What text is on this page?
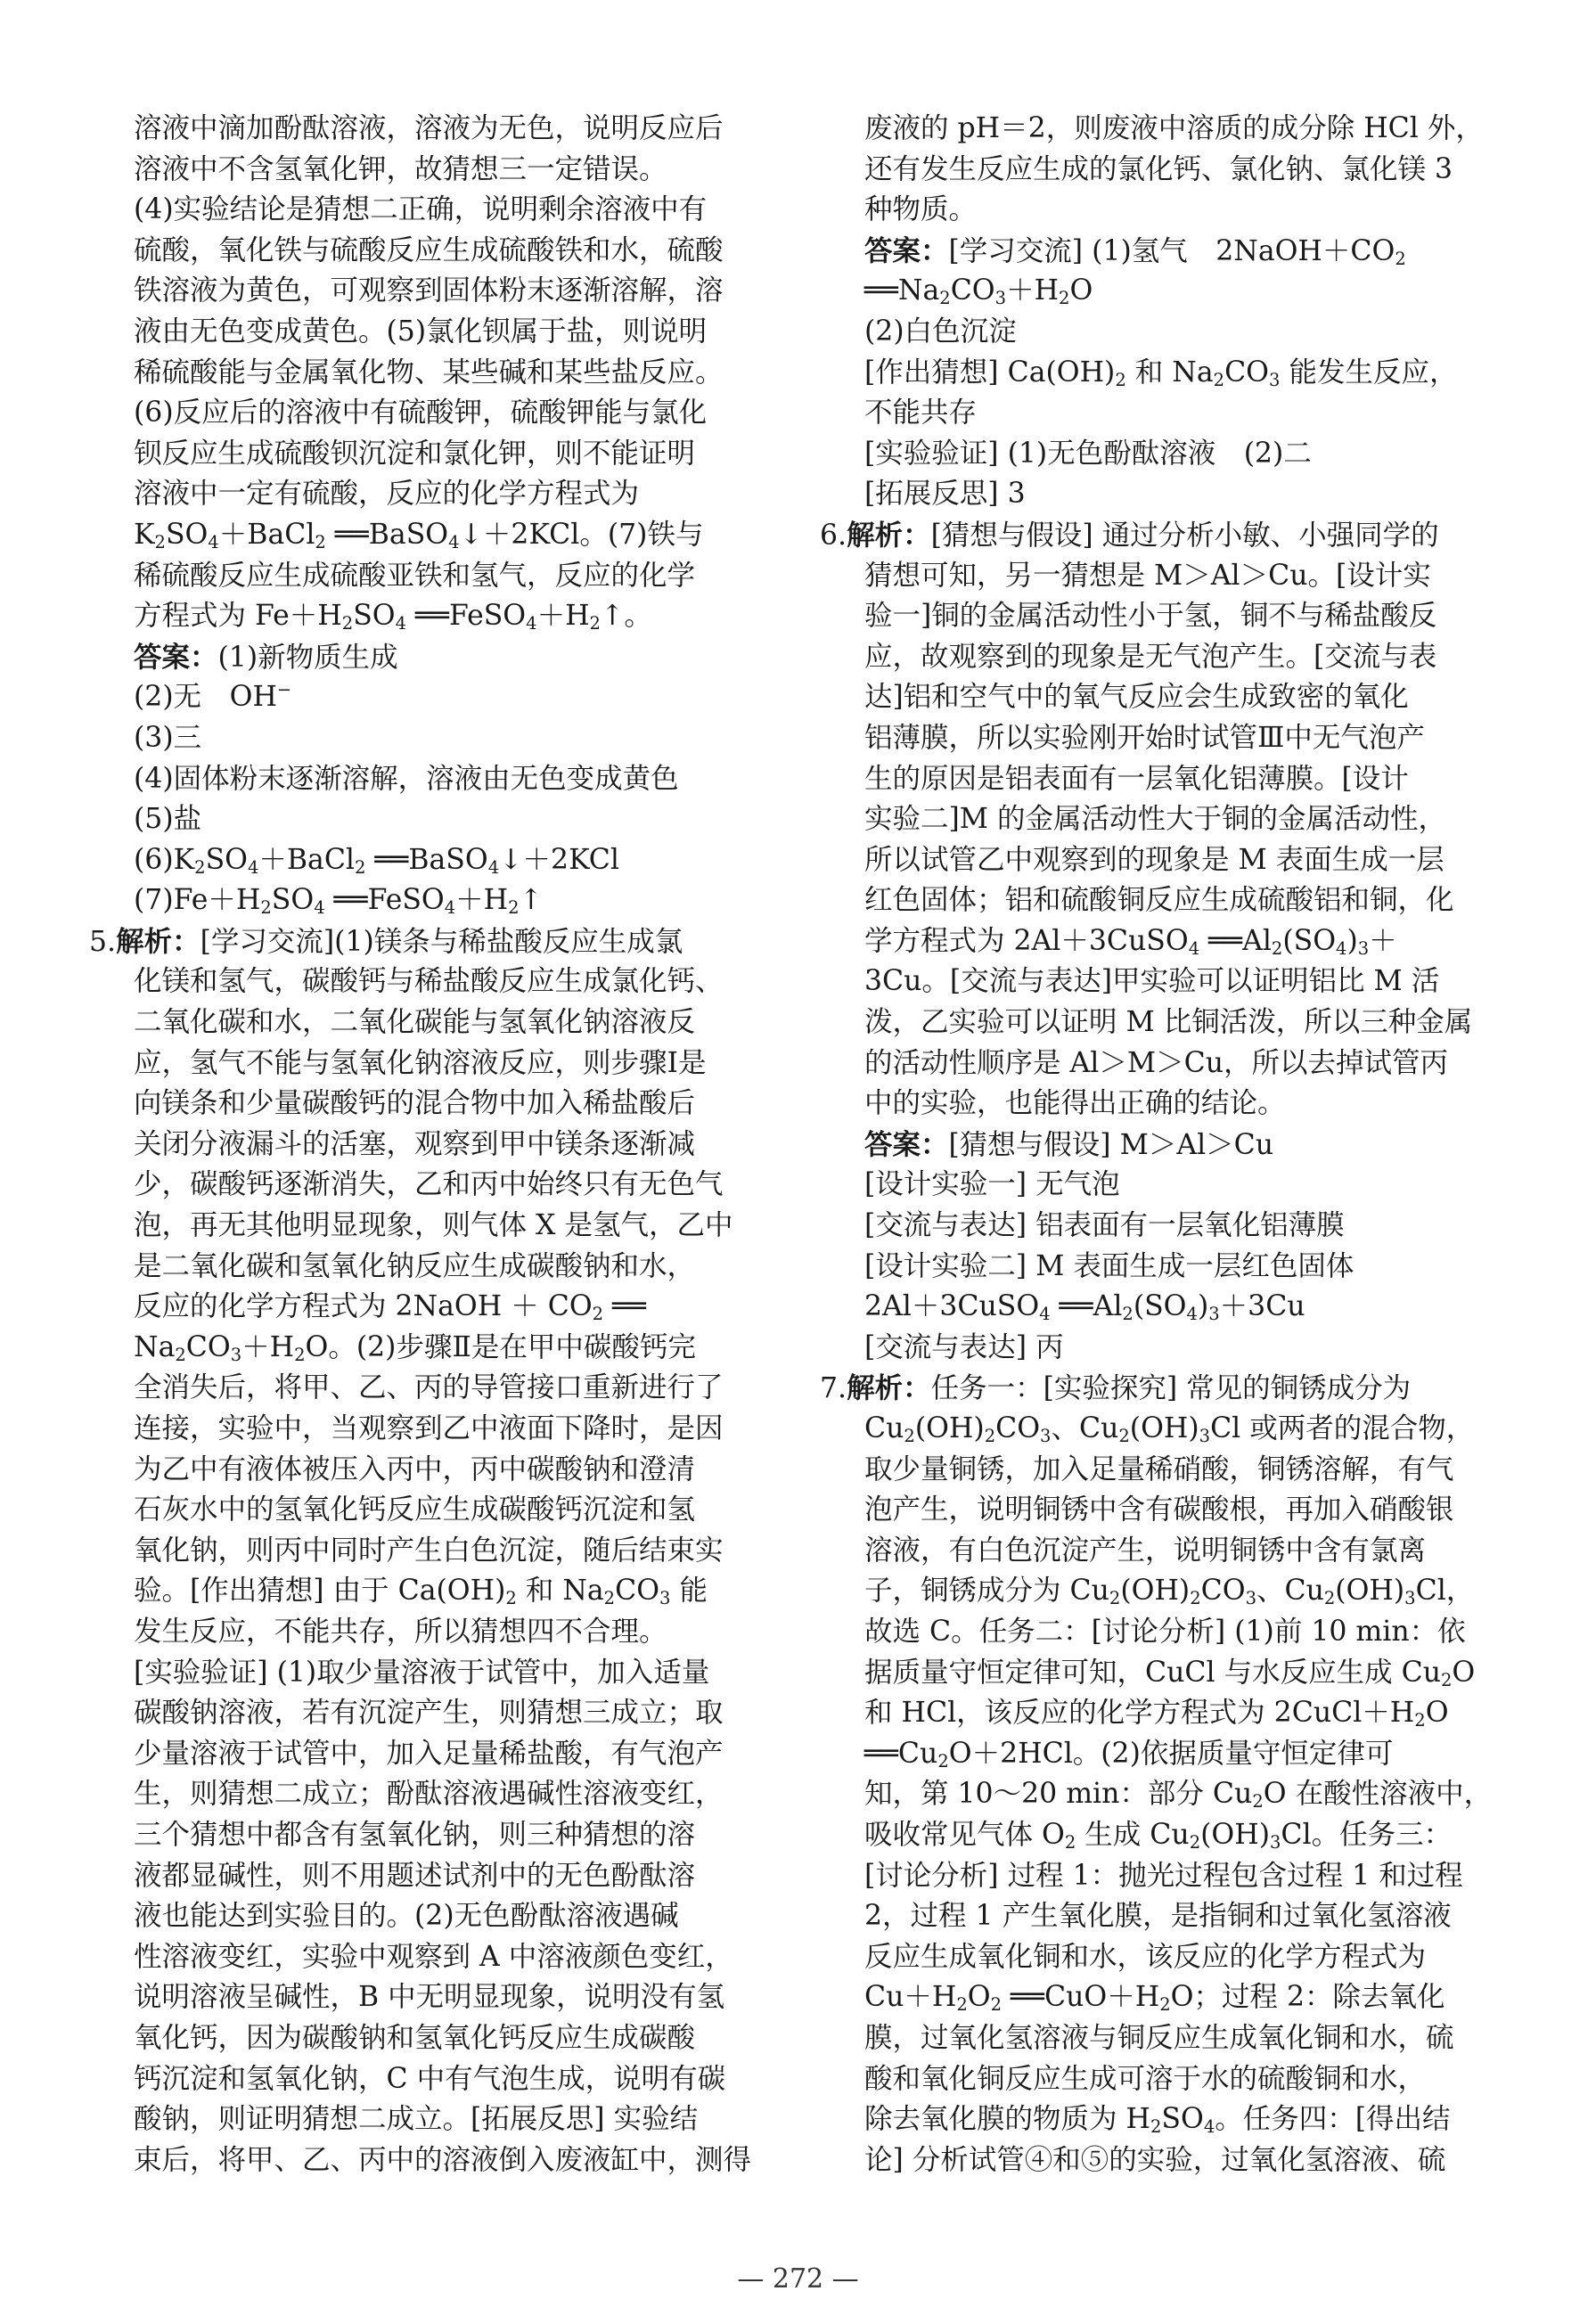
溶液中滴加酚酞溶液，溶液为无色，说明反应后
溶液中不含氢氧化钾，故猜想三一定错误。
(4)实验结论是猜想二正确，说明剩余溶液中有
硫酸，氧化铁与硫酸反应生成硫酸铁和水，硫酸
铁溶液为黄色，可观察到固体粉末逐渐溶解，溶
液由无色变成黄色。(5)氯化钡属于盐，则说明
稀硫酸能与金属氧化物、某些碱和某些盐反应。
(6)反应后的溶液中有硫酸钾，硫酸钾能与氯化
钡反应生成硫酸钡沉淀和氯化钾，则不能证明
溶液中一定有硫酸，反应的化学方程式为
$K_2SO_4+BaCl_2$ ══BaSO$_4$↓＋2KCl。(7)铁与
稀硫酸反应生成硫酸亚铁和氢气，反应的化学
方程式为 $Fe+H_2SO_4$ $══FeSO_4+H_2↑$。
答案：(1)新物质生成
(2)无　OH−
(3)三
(4)固体粉末逐渐溶解，溶液由无色变成黄色
(5)盐
$(6)K_2SO_4+BaCl_2$ ══BaSO$_4$↓＋2KCl
$(7)Fe+H_2SO_4$ $══FeSO_4+H_2↑$
5.解析：[学习交流](1)镁条与稀盐酸反应生成氯
化镁和氢气，碳酸钙与稀盐酸反应生成氯化钙、
二氧化碳和水，二氧化碳能与氢氧化钠溶液反
应，氢气不能与氢氧化钠溶液反应，则步骤Ⅰ是
向镁条和少量碳酸钙的混合物中加入稀盐酸后
关闭分液漏斗的活塞，观察到甲中镁条逐渐减
少，碳酸钙逐渐消失，乙和丙中始终只有无色气
泡，再无其他明显现象，则气体 X 是氢气，乙中
是二氧化碳和氢氧化钠反应生成碳酸钠和水，
反应的化学方程式为 2NaOH ＋ $CO_2$ ══
$Na_2CO_3+H_2O$。(2)步骤Ⅱ是在甲中碳酸钙完
全消失后，将甲、乙、丙的导管接口重新进行了
连接，实验中，当观察到乙中液面下降时，是因
为乙中有液体被压入丙中，丙中碳酸钠和澄清
石灰水中的氢氧化钙反应生成碳酸钙沉淀和氢
氧化钠，则丙中同时产生白色沉淀，随后结束实
验。[作出猜想] 由于 $Ca(OH)_2$ 和 $Na_2CO_3$ 能
发生反应，不能共存，所以猜想四不合理。
[实验验证] (1)取少量溶液于试管中，加入适量
碳酸钠溶液，若有沉淀产生，则猜想三成立；取
少量溶液于试管中，加入足量稀盐酸，有气泡产
生，则猜想二成立；酚酞溶液遇碱性溶液变红，
三个猜想中都含有氢氧化钠，则三种猜想的溶
液都显碱性，则不用题述试剂中的无色酚酞溶
液也能达到实验目的。(2)无色酚酞溶液遇碱
性溶液变红，实验中观察到 A 中溶液颜色变红，
说明溶液呈碱性，B 中无明显现象，说明没有氢
氧化钙，因为碳酸钠和氢氧化钙反应生成碳酸
钙沉淀和氢氧化钠，C 中有气泡生成，说明有碳
酸钠，则证明猜想二成立。[拓展反思] 实验结
束后，将甲、乙、丙中的溶液倒入废液缸中，测得
废液的 pH＝2，则废液中溶质的成分除 HCl 外，
还有发生反应生成的氯化钙、氯化钠、氯化镁 3
种物质。
答案：[学习交流] (1)氢气　$2NaOH+CO_2$
$══Na_2CO_3+H_2O$
(2)白色沉淀
[作出猜想] $Ca(OH)_2$ 和 $Na_2CO_3$ 能发生反应，
不能共存
[实验验证] (1)无色酚酞溶液　(2)二
[拓展反思] 3
6.解析：[猜想与假设] 通过分析小敏、小强同学的
猜想可知，另一猜想是 M＞Al＞Cu。[设计实
验一]铜的金属活动性小于氢，铜不与稀盐酸反
应，故观察到的现象是无气泡产生。[交流与表
达]铝和空气中的氧气反应会生成致密的氧化
铝薄膜，所以实验刚开始时试管Ⅲ中无气泡产
生的原因是铝表面有一层氧化铝薄膜。[设计
实验二]M 的金属活动性大于铜的金属活动性，
所以试管乙中观察到的现象是 M 表面生成一层
红色固体；铝和硫酸铜反应生成硫酸铝和铜，化
学方程式为 2Al＋3CuSO$_4$ $══Al_2(SO_4)_3+$
3Cu。[交流与表达]甲实验可以证明铝比 M 活
泼，乙实验可以证明 M 比铜活泼，所以三种金属
的活动性顺序是 Al＞M＞Cu，所以去掉试管丙
中的实验，也能得出正确的结论。
答案：[猜想与假设] M＞Al＞Cu
[设计实验一] 无气泡
[交流与表达] 铝表面有一层氧化铝薄膜
[设计实验二] M 表面生成一层红色固体
2Al＋3CuSO$_4$ $══Al_2(SO_4)_3+3Cu$
[交流与表达] 丙
7.解析：任务一：[实验探究] 常见的铜锈成分为
$Cu_2(OH)_2CO_3$、$Cu_2(OH)_3Cl$ 或两者的混合物，
取少量铜锈，加入足量稀硝酸，铜锈溶解，有气
泡产生，说明铜锈中含有碳酸根，再加入硝酸银
溶液，有白色沉淀产生，说明铜锈中含有氯离
子，铜锈成分为 $Cu_2(OH)_2CO_3$、$Cu_2(OH)_3Cl$，
故选 C。任务二：[讨论分析] (1)前 10 min：依
据质量守恒定律可知，CuCl 与水反应生成 $Cu_2O$
和 HCl，该反应的化学方程式为 $2CuCl+H_2O$
$══Cu_2O+2HCl$。(2)依据质量守恒定律可
知，第 10～20 min：部分 $Cu_2O$ 在酸性溶液中，
吸收常见气体 $O_2$ 生成 $Cu_2(OH)_3Cl$。任务三：
[讨论分析] 过程 1：抛光过程包含过程 1 和过程
2，过程 1 产生氧化膜，是指铜和过氧化氢溶液
反应生成氧化铜和水，该反应的化学方程式为
$Cu+H_2O_2$ $══CuO+H_2O$；过程 2：除去氧化
膜，过氧化氢溶液与铜反应生成氧化铜和水，硫
酸和氧化铜反应生成可溶于水的硫酸铜和水，
除去氧化膜的物质为 $H_2SO_4$。任务四：[得出结
论] 分析试管④和⑤的实验，过氧化氢溶液、硫
— 272 —
